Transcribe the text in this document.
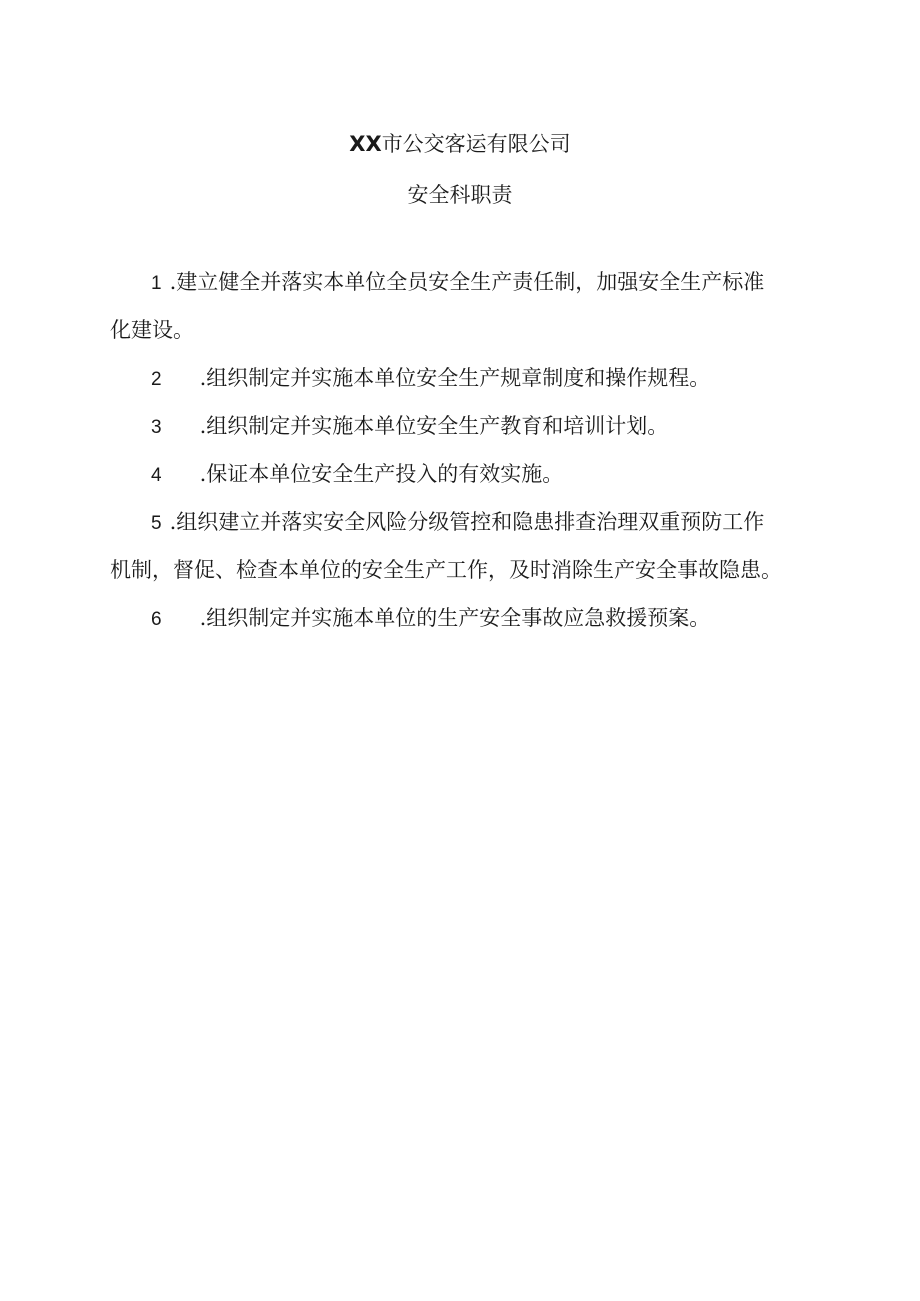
XX市公交客运有限公司
安全科职责
1 .建立健全并落实本单位全员安全生产责任制，加强安全生产标准
化建设。
2 .组织制定并实施本单位安全生产规章制度和操作规程。
3 .组织制定并实施本单位安全生产教育和培训计划。
4 .保证本单位安全生产投入的有效实施。
5 .组织建立并落实安全风险分级管控和隐患排查治理双重预防工作
机制，督促、检查本单位的安全生产工作，及时消除生产安全事故隐患。
6 .组织制定并实施本单位的生产安全事故应急救援预案。
